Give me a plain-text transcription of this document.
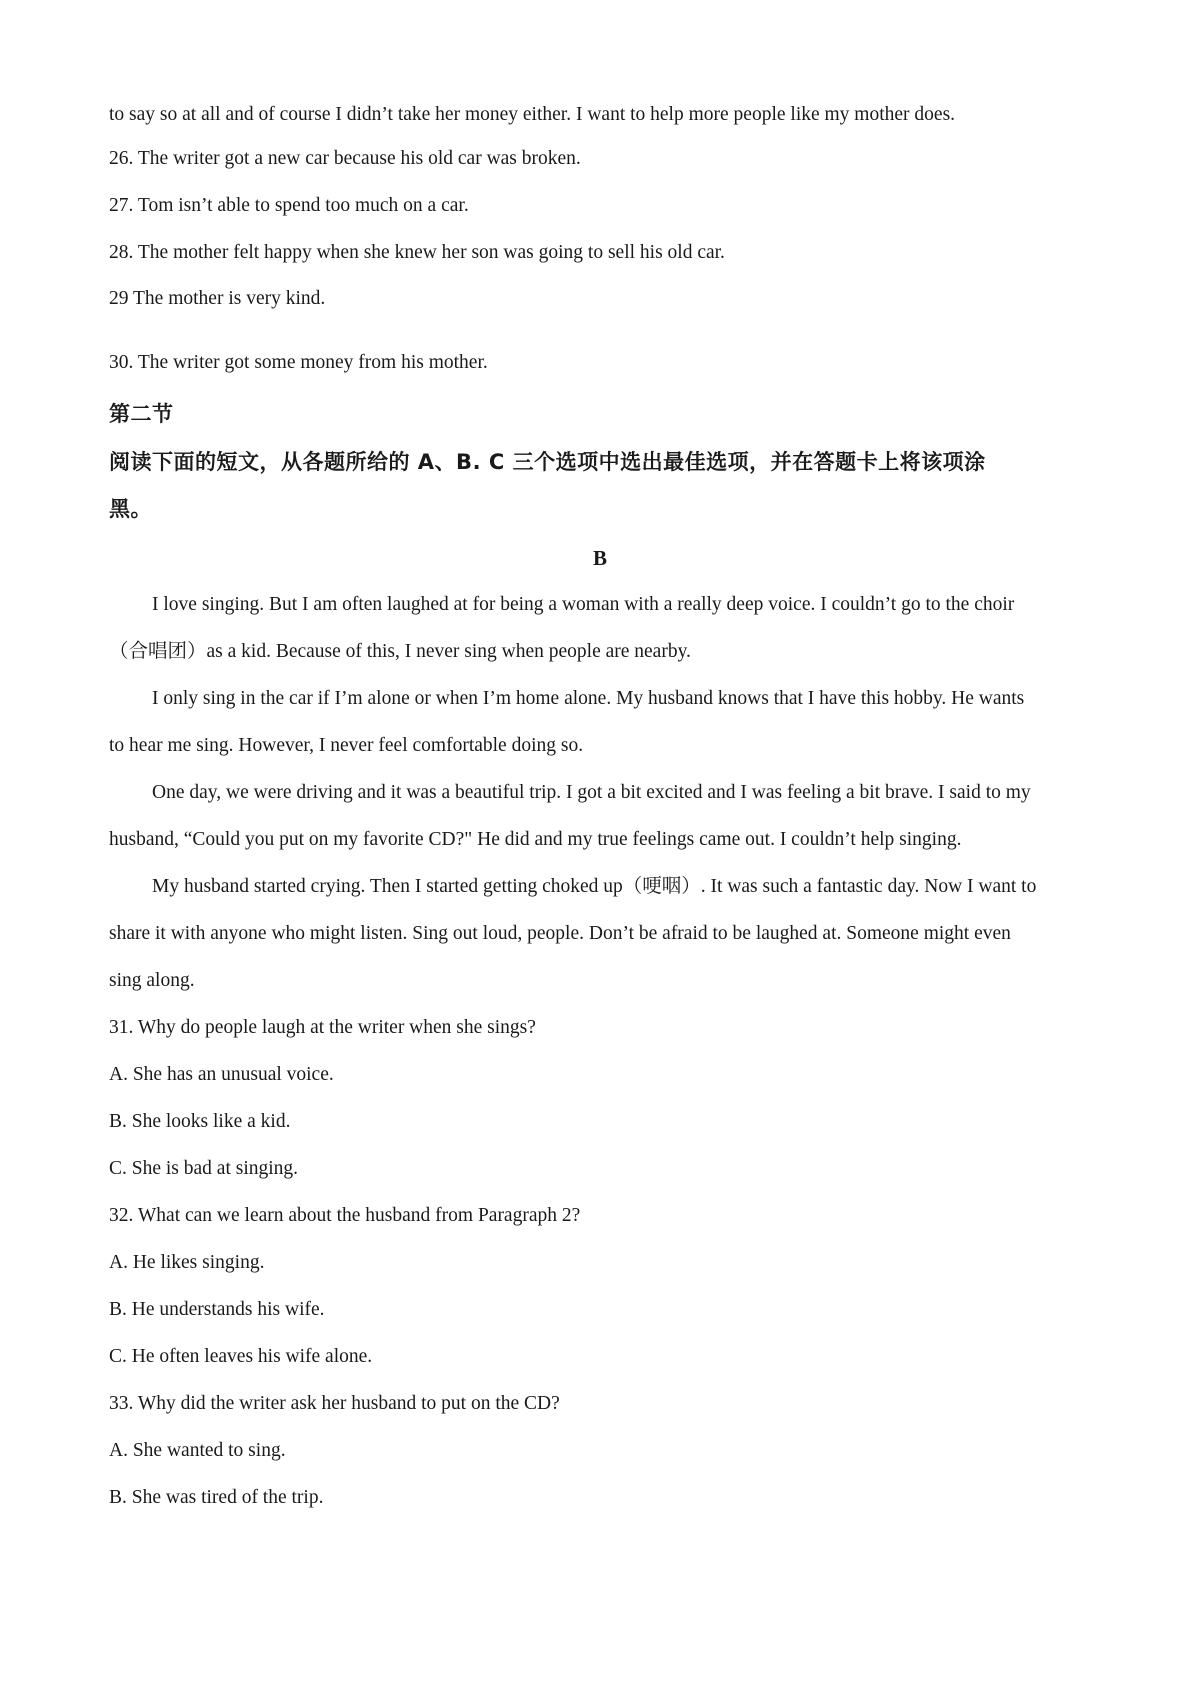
to say so at all and of course I didn’t take her money either. I want to help more people like my mother does.
26. The writer got a new car because his old car was broken.
27. Tom isn’t able to spend too much on a car.
28. The mother felt happy when she knew her son was going to sell his old car.
29 The mother is very kind.
30. The writer got some money from his mother.
第二节
阅读下面的短文，从各题所给的 A、B. C 三个选项中选出最佳选项，并在答题卡上将该项涂
黑。
B
I love singing. But I am often laughed at for being a woman with a really deep voice. I couldn’t go to the choir
（合唱团）as a kid. Because of this, I never sing when people are nearby.
I only sing in the car if I’m alone or when I’m home alone. My husband knows that I have this hobby. He wants
to hear me sing. However, I never feel comfortable doing so.
One day, we were driving and it was a beautiful trip. I got a bit excited and I was feeling a bit brave. I said to my
husband, “Could you put on my favorite CD?" He did and my true feelings came out. I couldn’t help singing.
My husband started crying. Then I started getting choked up（哽咽）. It was such a fantastic day. Now I want to
share it with anyone who might listen. Sing out loud, people. Don’t be afraid to be laughed at. Someone might even
sing along.
31. Why do people laugh at the writer when she sings?
A. She has an unusual voice.
B. She looks like a kid.
C. She is bad at singing.
32. What can we learn about the husband from Paragraph 2?
A. He likes singing.
B. He understands his wife.
C. He often leaves his wife alone.
33. Why did the writer ask her husband to put on the CD?
A. She wanted to sing.
B. She was tired of the trip.
